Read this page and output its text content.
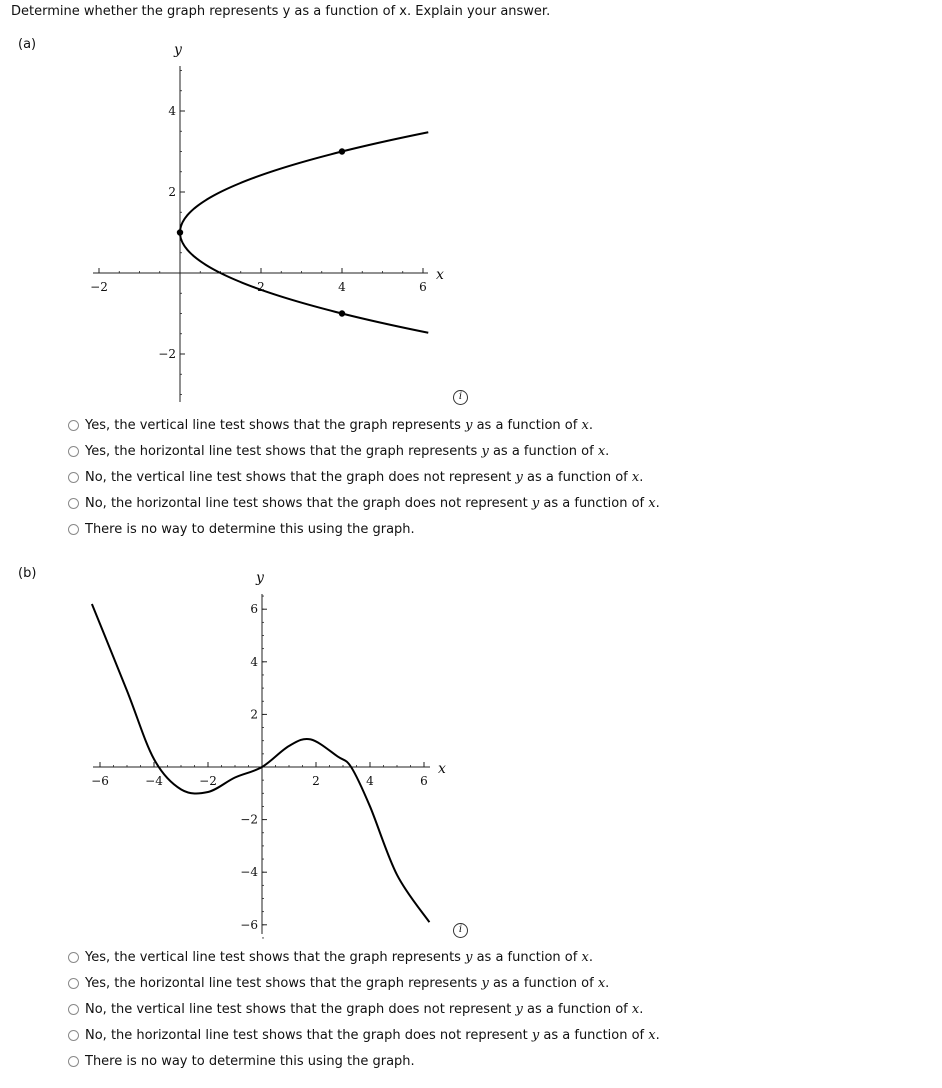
Determine whether the graph represents y as a function of x. Explain your answer.
(a)
−2	2	4	6
4
2
−2
x
y
i
Yes, the vertical line test shows that the graph represents y as a function of x.
Yes, the horizontal line test shows that the graph represents y as a function of x.
No, the vertical line test shows that the graph does not represent y as a function of x.
No, the horizontal line test shows that the graph does not represent y as a function of x.
There is no way to determine this using the graph.
(b)
−6	−4	−2	2	4	6
6
4
2
−2
−4
−6
x
y
i
Yes, the vertical line test shows that the graph represents y as a function of x.
Yes, the horizontal line test shows that the graph represents y as a function of x.
No, the vertical line test shows that the graph does not represent y as a function of x.
No, the horizontal line test shows that the graph does not represent y as a function of x.
There is no way to determine this using the graph.
